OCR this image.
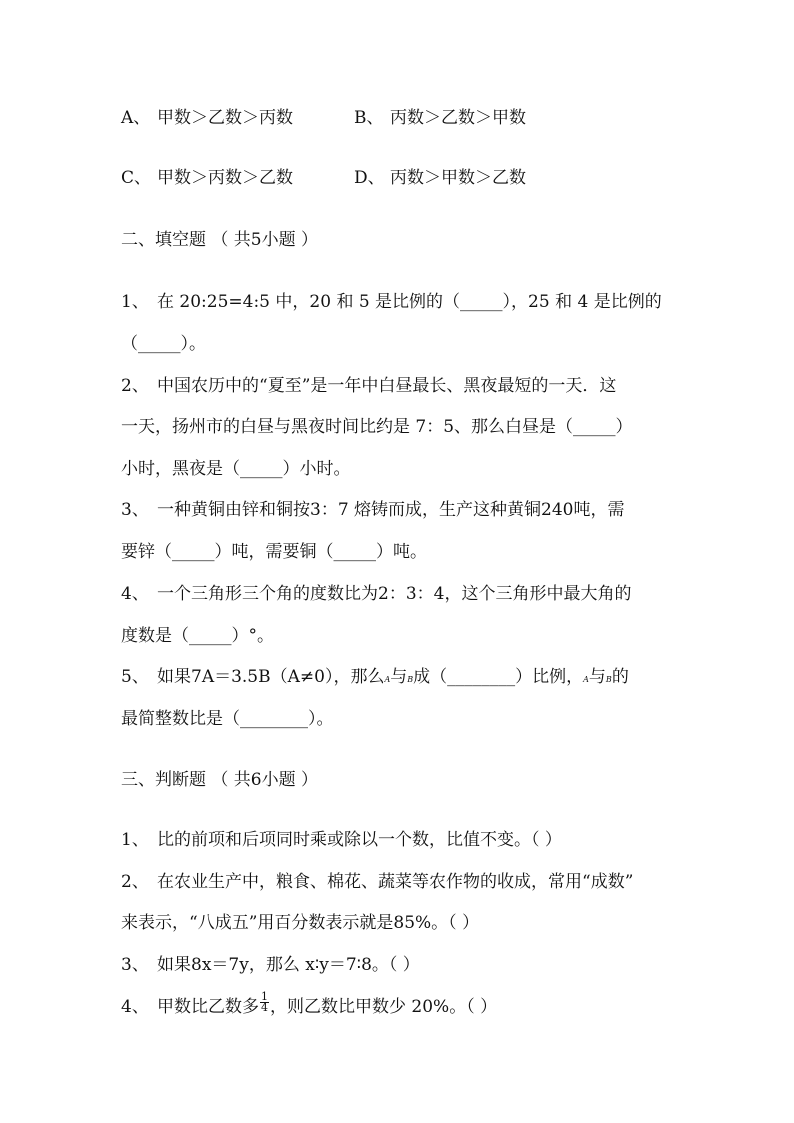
A、 甲数＞乙数＞丙数	B、 丙数＞乙数＞甲数
C、 甲数＞丙数＞乙数	D、 丙数＞甲数＞乙数
二、填空题 （ 共5小题 ）
1、 在 20:25=4:5 中，20 和 5 是比例的（_____），25 和 4 是比例的
（_____）。
2、 中国农历中的“夏至”是一年中白昼最长、黑夜最短的一天．这
一天，扬州市的白昼与黑夜时间比约是 7：5、那么白昼是（_____）
小时，黑夜是（_____）小时。
3、 一种黄铜由锌和铜按3：7 熔铸而成，生产这种黄铜240吨，需
要锌（_____）吨，需要铜（_____）吨。
4、 一个三角形三个角的度数比为2：3：4，这个三角形中最大角的
度数是（_____）°。
5、 如果7A＝3.5B（A≠0），那么A与B成（________）比例，A与B的
最简整数比是（________）。
三、判断题 （ 共6小题 ）
1、 比的前项和后项同时乘或除以一个数，比值不变。（ ）
2、 在农业生产中，粮食、棉花、蔬菜等农作物的收成，常用“成数”
来表示，“八成五”用百分数表示就是85%。（ ）
3、 如果8x＝7y，那么 x∶y＝7∶8。（ ）
4、 甲数比乙数多 $\frac{1}{4}$ ，则乙数比甲数少 20%。（ ）
